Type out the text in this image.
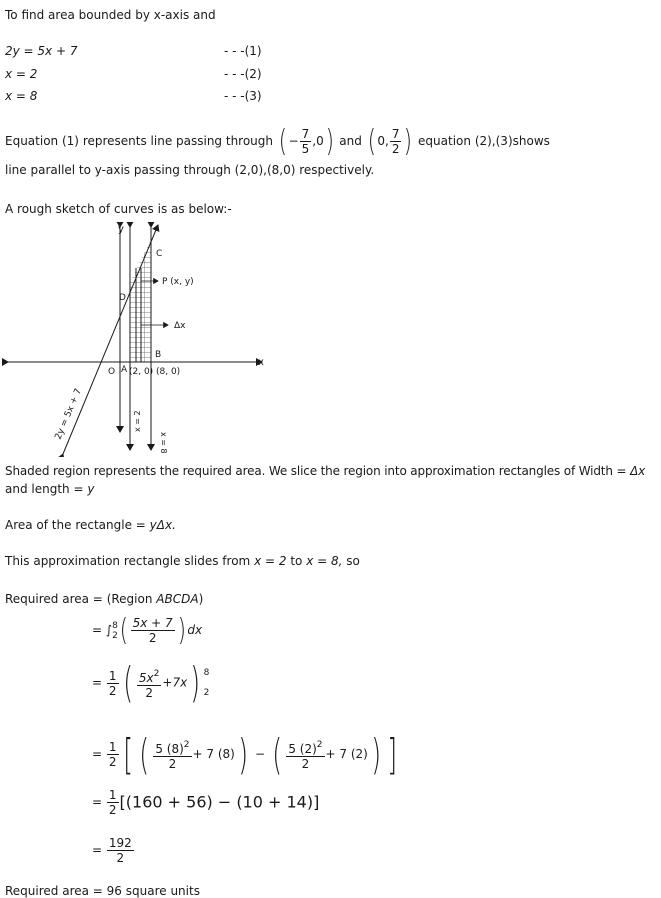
To find area bounded by x-axis and
2y = 5x + 7	- - -(1)
x = 2	- - -(2)
x = 8	- - -(3)
Equation (1) represents line passing through ( − $\frac{7}{5} ,0$) and ( 0, $\frac{7}{2}$ ) equation (2),(3)shows
line parallel to y-axis passing through (2,0),(8,0) respectively.
A rough sketch of curves is as below:-
y
x
C
P (x, y)
D
Δx
B
O A (2, 0) (8, 0)
2y = 5x + 7	x = 2
x = 8
Shaded region represents the required area. We slice the region into approximation rectangles of Width = Δx
and length = y
Area of the rectangle = yΔx.
This approximation rectangle slides from x = 2 to x = 8, so
Required area = (Region ABCDA)
= ∫ 8
2 ( $\frac{5x + 7}{2}$ ) dx
= $\frac{1}{2}$ ( $\frac{5x^2}{2} +7x$) 8
2
= $\frac{1}{2}$ [ ( $\frac{5 (8)^2}{2} + 7$ (8)) − ( $\frac{5 (2)^2}{2} + 7$ (2)) ]
= $\frac{1}{2} [(160 + 56) - (10 + 14)]$
= $\frac{192}{2}$
Required area = 96 square units
